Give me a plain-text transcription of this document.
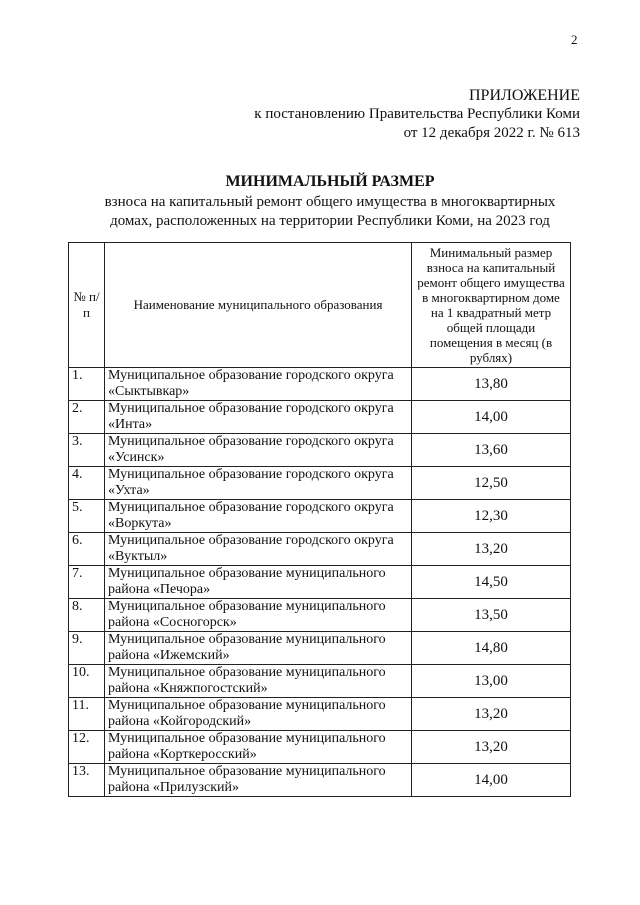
2
ПРИЛОЖЕНИЕ
к постановлению Правительства Республики Коми
от 12 декабря 2022 г. № 613
МИНИМАЛЬНЫЙ РАЗМЕР
взноса на капитальный ремонт общего имущества в многоквартирных
домах, расположенных на территории Республики Коми, на 2023 год
№ п/п	Наименование муниципального образования	Минимальный размер взноса на капитальный ремонт общего имущества в многоквартирном доме на 1 квадратный метр общей площади помещения в месяц (в рублях)
1.	Муниципальное образование городского округа «Сыктывкар»	13,80
2.	Муниципальное образование городского округа «Инта»	14,00
3.	Муниципальное образование городского округа «Усинск»	13,60
4.	Муниципальное образование городского округа «Ухта»	12,50
5.	Муниципальное образование городского округа «Воркута»	12,30
6.	Муниципальное образование городского округа «Вуктыл»	13,20
7.	Муниципальное образование муниципального района «Печора»	14,50
8.	Муниципальное образование муниципального района «Сосногорск»	13,50
9.	Муниципальное образование муниципального района «Ижемский»	14,80
10.	Муниципальное образование муниципального района «Княжпогостский»	13,00
11.	Муниципальное образование муниципального района «Койгородский»	13,20
12.	Муниципальное образование муниципального района «Корткеросский»	13,20
13.	Муниципальное образование муниципального района «Прилузский»	14,00
